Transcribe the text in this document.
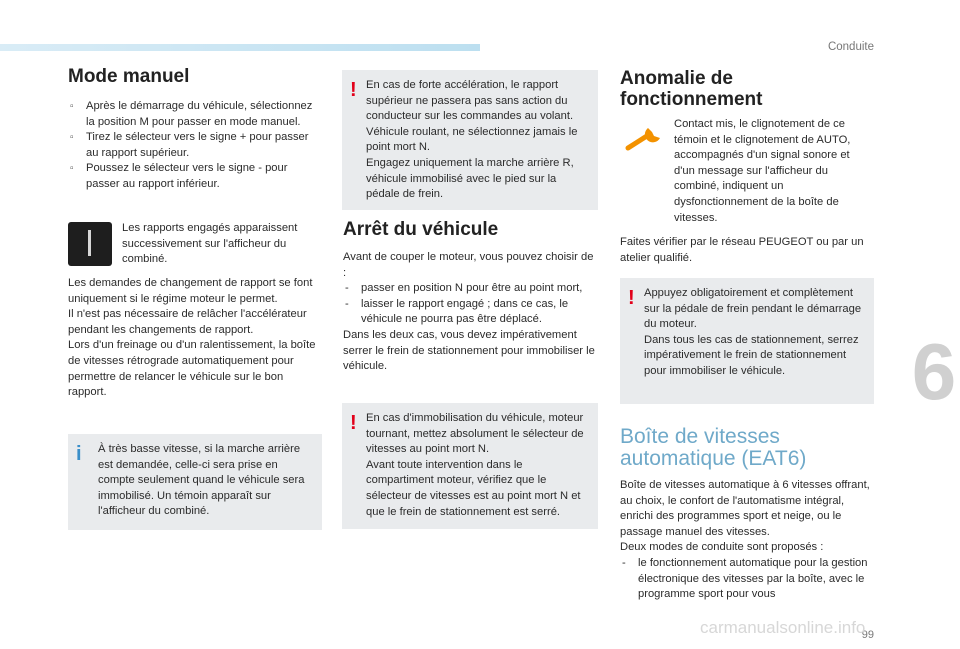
Conduite
6
Mode manuel
▫ Après le démarrage du véhicule, sélectionnez la position M pour passer en mode manuel.
▫ Tirez le sélecteur vers le signe + pour passer au rapport supérieur.
▫ Poussez le sélecteur vers le signe - pour passer au rapport inférieur.

Les rapports engagés apparaissent successivement sur l'afficheur du combiné.

Les demandes de changement de rapport se font uniquement si le régime moteur le permet.

Il n'est pas nécessaire de relâcher l'accélérateur pendant les changements de rapport.

Lors d'un freinage ou d'un ralentissement, la boîte de vitesses rétrograde automatiquement pour permettre de relancer le véhicule sur le bon rapport.

i	À très basse vitesse, si la marche arrière est demandée, celle-ci sera prise en compte seulement quand le véhicule sera immobilisé. Un témoin apparaît sur l'afficheur du combiné.

! En cas de forte accélération, le rapport supérieur ne passera pas sans action du conducteur sur les commandes au volant.

Véhicule roulant, ne sélectionnez jamais le point mort N.

Engagez uniquement la marche arrière R, véhicule immobilisé avec le pied sur la pédale de frein.

Arrêt du véhicule

Avant de couper le moteur, vous pouvez choisir de :

- passer en position N pour être au point mort,
- laisser le rapport engagé ; dans ce cas, le véhicule ne pourra pas être déplacé.

Dans les deux cas, vous devez impérativement serrer le frein de stationnement pour immobiliser le véhicule.

! En cas d'immobilisation du véhicule, moteur tournant, mettez absolument le sélecteur de vitesses au point mort N.

Avant toute intervention dans le compartiment moteur, vérifiez que le sélecteur de vitesses est au point mort N et que le frein de stationnement est serré.

Anomalie de
fonctionnement

Contact mis, le clignotement de ce témoin et le clignotement de AUTO, accompagnés d'un signal sonore et d'un message sur l'afficheur du combiné, indiquent un dysfonctionnement de la boîte de vitesses.

Faites vérifier par le réseau PEUGEOT ou par un atelier qualifié.

! Appuyez obligatoirement et complètement sur la pédale de frein pendant le démarrage du moteur.

Dans tous les cas de stationnement, serrez impérativement le frein de stationnement pour immobiliser le véhicule.

Boîte de vitesses
automatique (EAT6)

Boîte de vitesses automatique à 6 vitesses offrant, au choix, le confort de l'automatisme intégral, enrichi des programmes sport et neige, ou le passage manuel des vitesses.

Deux modes de conduite sont proposés :

- le fonctionnement automatique pour la gestion électronique des vitesses par la boîte, avec le programme sport pour vous
99
carmanualsonline.info
